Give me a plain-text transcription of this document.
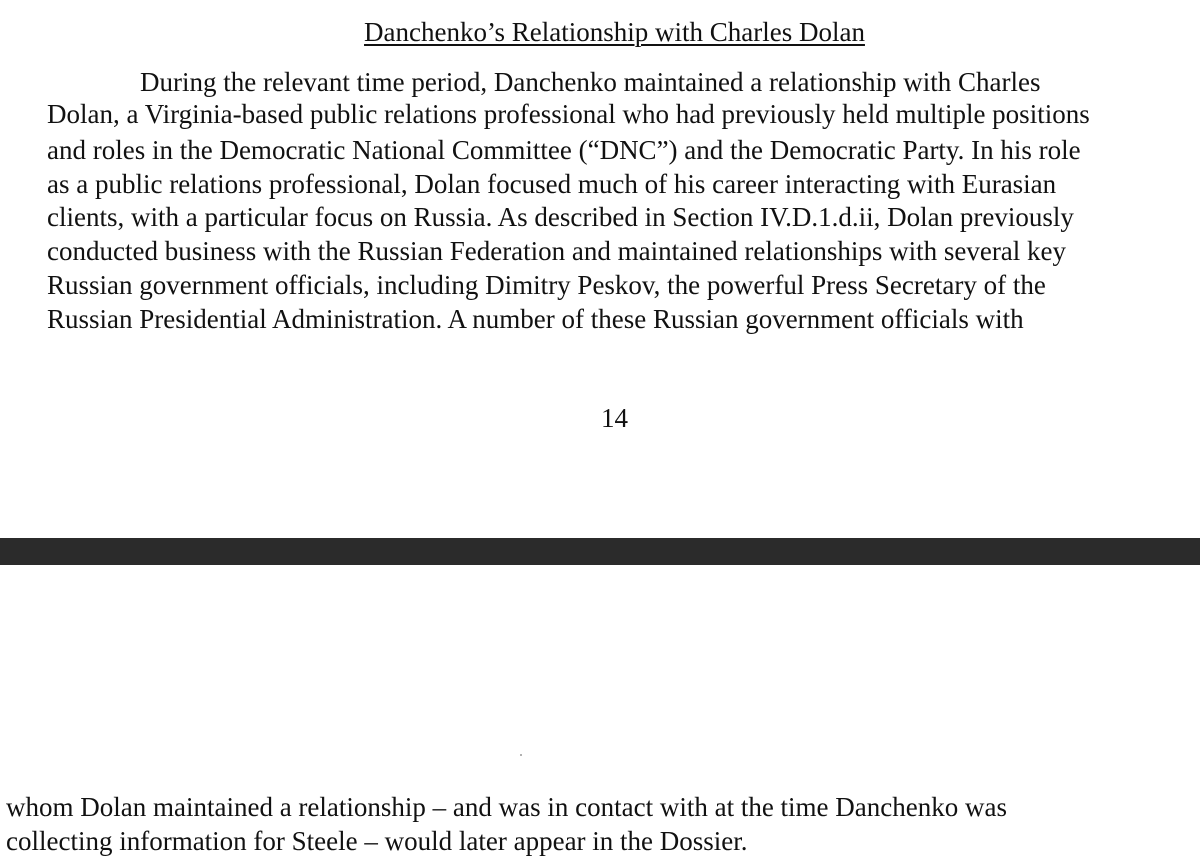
Danchenko’s Relationship with Charles Dolan
During the relevant time period, Danchenko maintained a relationship with Charles
Dolan, a Virginia-based public relations professional who had previously held multiple positions
and roles in the Democratic National Committee (“DNC”) and the Democratic Party. In his role
as a public relations professional, Dolan focused much of his career interacting with Eurasian
clients, with a particular focus on Russia. As described in Section IV.D.1.d.ii, Dolan previously
conducted business with the Russian Federation and maintained relationships with several key
Russian government officials, including Dimitry Peskov, the powerful Press Secretary of the
Russian Presidential Administration. A number of these Russian government officials with
14
whom Dolan maintained a relationship – and was in contact with at the time Danchenko was
collecting information for Steele – would later appear in the Dossier.
